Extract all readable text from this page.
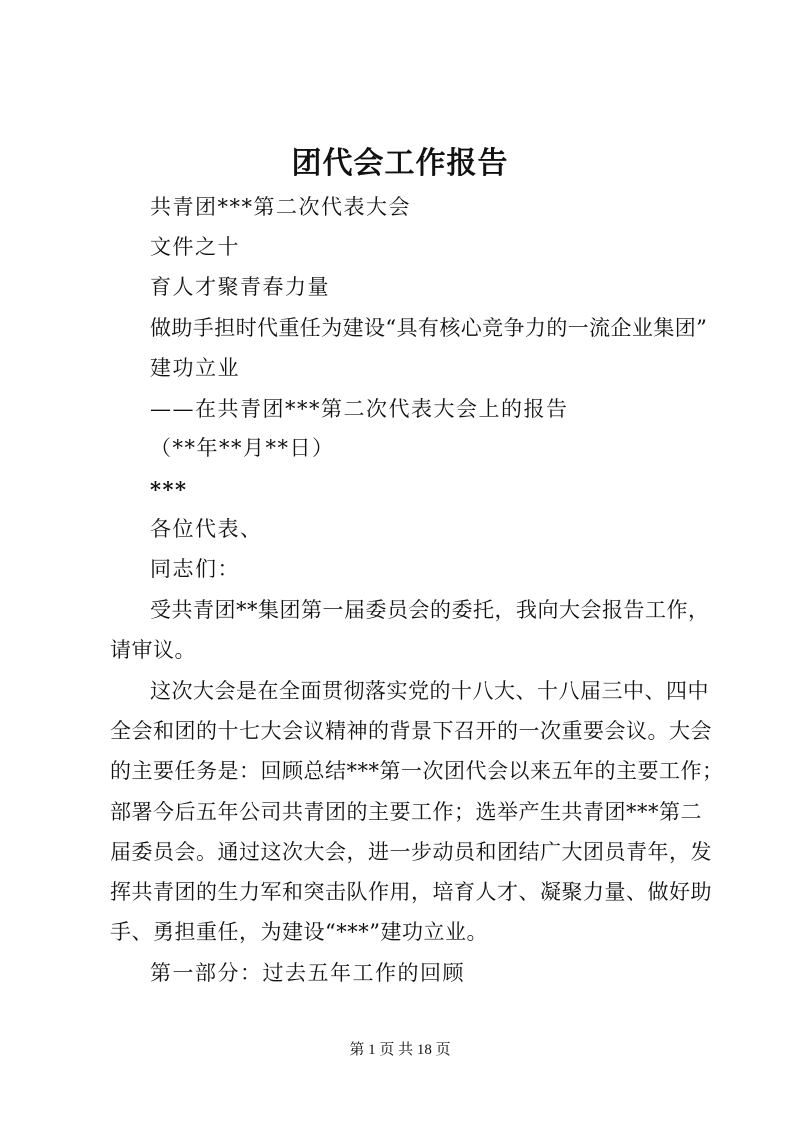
团代会工作报告
共青团***第二次代表大会
文件之十
育人才聚青春力量
做助手担时代重任为建设“具有核心竞争力的一流企业集团”
建功立业
——在共青团***第二次代表大会上的报告
（**年**月**日）
***
各位代表、
同志们：
受共青团**集团第一届委员会的委托，我向大会报告工作，
请审议。
这次大会是在全面贯彻落实党的十八大、十八届三中、四中
全会和团的十七大会议精神的背景下召开的一次重要会议。大会
的主要任务是：回顾总结***第一次团代会以来五年的主要工作；
部署今后五年公司共青团的主要工作；选举产生共青团***第二
届委员会。通过这次大会，进一步动员和团结广大团员青年，发
挥共青团的生力军和突击队作用，培育人才、凝聚力量、做好助
手、勇担重任，为建设“***”建功立业。
第一部分：过去五年工作的回顾
第 1 页 共 18 页
